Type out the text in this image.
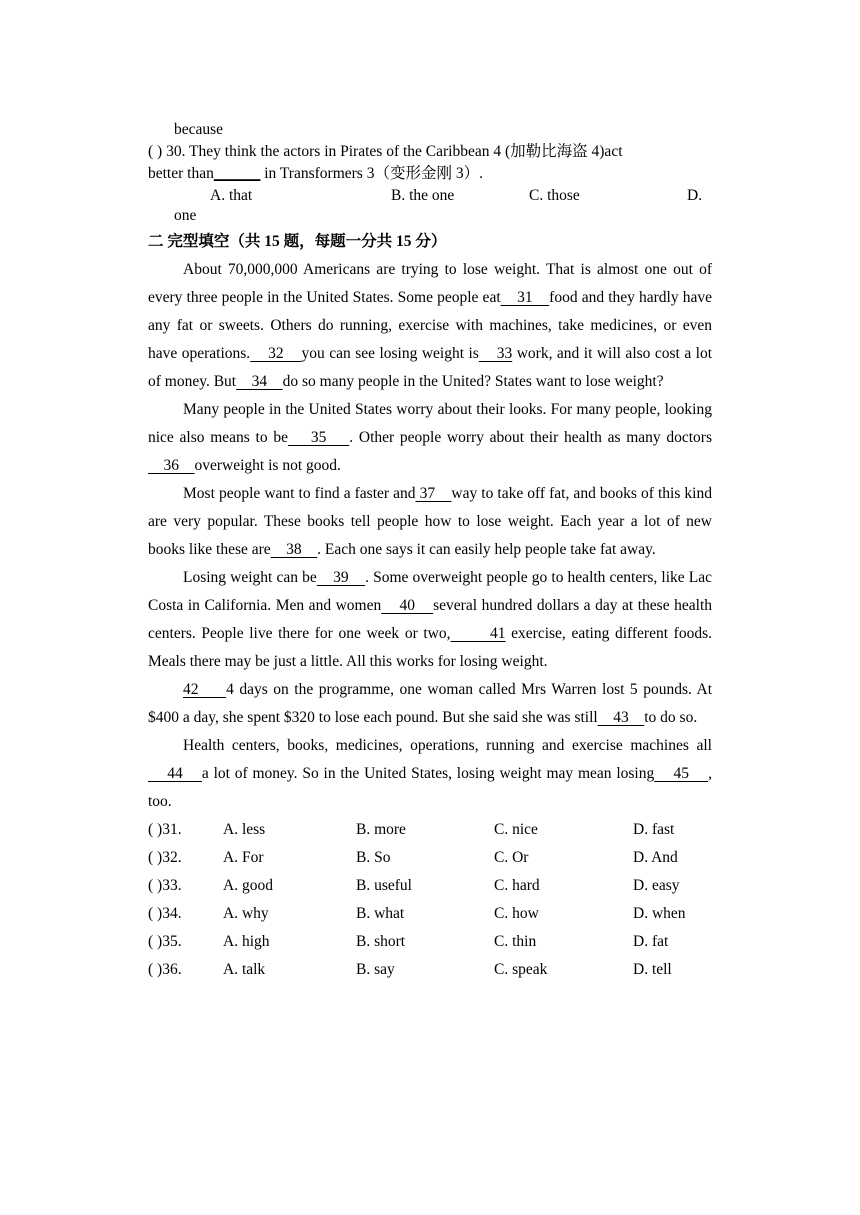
because
( ) 30. They think the actors in Pirates of the Caribbean 4 (加勒比海盗 4)act
better than______ in Transformers 3（变形金刚 3）.
A. that	B. the one	C. those	D.
one
二 完型填空（共 15 题，每题一分共 15 分）

About 70,000,000 Americans are trying to lose weight. That is almost one out of every three people in the United States. Some people eat    31    food and they hardly have any fat or sweets. Others do running, exercise with machines, take medicines, or even have operations.    32    you can see losing weight is    33 work, and it will also cost a lot of money. But    34    do so many people in the United? States want to lose weight?

Many people in the United States worry about their looks. For many people, looking nice also means to be    35    . Other people worry about their health as many doctors    36    overweight is not good.

Most people want to find a faster and 37    way to take off fat, and books of this kind are very popular. These books tell people how to lose weight. Each year a lot of new books like these are    38    . Each one says it can easily help people take fat away.

Losing weight can be    39    . Some overweight people go to health centers, like Lac Costa in California. Men and women    40    several hundred dollars a day at these health centers. People live there for one week or two,       41 exercise, eating different foods. Meals there may be just a little. All this works for losing weight.

42     4 days on the programme, one woman called Mrs Warren lost 5 pounds. At $400 a day, she spent $320 to lose each pound. But she said she was still    43    to do so.

Health centers, books, medicines, operations, running and exercise machines all    44    a lot of money. So in the United States, losing weight may mean losing    45    , too.

( )31.	A. less	B. more	C. nice	D. fast
( )32.	A. For	B. So	C. Or	D. And
( )33.	A. good	B. useful	C. hard	D. easy
( )34.	A. why	B. what	C. how	D. when
( )35.	A. high	B. short	C. thin	D. fat
( )36.	A. talk	B. say	C. speak	D. tell
